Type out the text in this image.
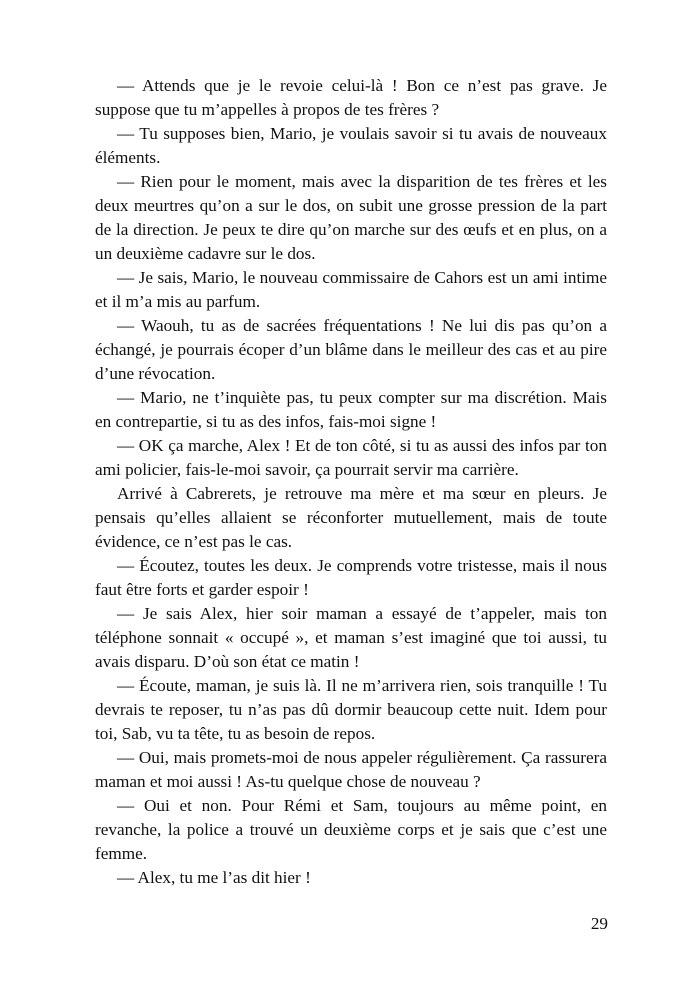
— Attends que je le revoie celui-là ! Bon ce n’est pas grave. Je suppose que tu m’appelles à propos de tes frères ?

— Tu supposes bien, Mario, je voulais savoir si tu avais de nouveaux éléments.

— Rien pour le moment, mais avec la disparition de tes frères et les deux meurtres qu’on a sur le dos, on subit une grosse pression de la part de la direction. Je peux te dire qu’on marche sur des œufs et en plus, on a un deuxième cadavre sur le dos.

— Je sais, Mario, le nouveau commissaire de Cahors est un ami intime et il m’a mis au parfum.

— Waouh, tu as de sacrées fréquentations ! Ne lui dis pas qu’on a échangé, je pourrais écoper d’un blâme dans le meilleur des cas et au pire d’une révocation.

— Mario, ne t’inquiète pas, tu peux compter sur ma discrétion. Mais en contrepartie, si tu as des infos, fais-moi signe !

— OK ça marche, Alex ! Et de ton côté, si tu as aussi des infos par ton ami policier, fais-le-moi savoir, ça pourrait servir ma carrière.

Arrivé à Cabrerets, je retrouve ma mère et ma sœur en pleurs. Je pensais qu’elles allaient se réconforter mutuellement, mais de toute évidence, ce n’est pas le cas.

— Écoutez, toutes les deux. Je comprends votre tristesse, mais il nous faut être forts et garder espoir !

— Je sais Alex, hier soir maman a essayé de t’appeler, mais ton téléphone sonnait « occupé », et maman s’est imaginé que toi aussi, tu avais disparu. D’où son état ce matin !

— Écoute, maman, je suis là. Il ne m’arrivera rien, sois tranquille ! Tu devrais te reposer, tu n’as pas dû dormir beaucoup cette nuit. Idem pour toi, Sab, vu ta tête, tu as besoin de repos.

— Oui, mais promets-moi de nous appeler régulièrement. Ça rassurera maman et moi aussi ! As-tu quelque chose de nouveau ?

— Oui et non. Pour Rémi et Sam, toujours au même point, en revanche, la police a trouvé un deuxième corps et je sais que c’est une femme.

— Alex, tu me l’as dit hier !

29
